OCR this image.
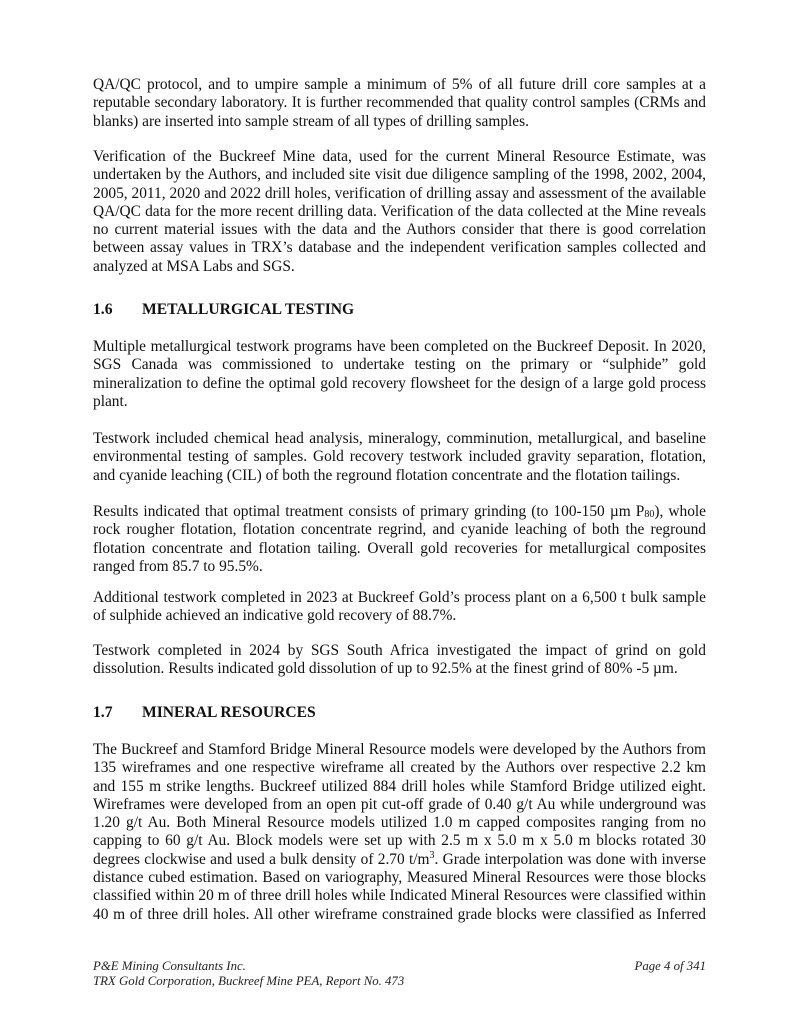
QA/QC protocol, and to umpire sample a minimum of 5% of all future drill core samples at a
reputable secondary laboratory. It is further recommended that quality control samples (CRMs and
blanks) are inserted into sample stream of all types of drilling samples.
Verification of the Buckreef Mine data, used for the current Mineral Resource Estimate, was
undertaken by the Authors, and included site visit due diligence sampling of the 1998, 2002, 2004,
2005, 2011, 2020 and 2022 drill holes, verification of drilling assay and assessment of the available
QA/QC data for the more recent drilling data. Verification of the data collected at the Mine reveals
no current material issues with the data and the Authors consider that there is good correlation
between assay values in TRX’s database and the independent verification samples collected and
analyzed at MSA Labs and SGS.
1.6 METALLURGICAL TESTING
Multiple metallurgical testwork programs have been completed on the Buckreef Deposit. In 2020,
SGS Canada was commissioned to undertake testing on the primary or “sulphide” gold
mineralization to define the optimal gold recovery flowsheet for the design of a large gold process
plant.
Testwork included chemical head analysis, mineralogy, comminution, metallurgical, and baseline
environmental testing of samples. Gold recovery testwork included gravity separation, flotation,
and cyanide leaching (CIL) of both the reground flotation concentrate and the flotation tailings.
Results indicated that optimal treatment consists of primary grinding (to 100-150 µm $P_{80}$), whole
rock rougher flotation, flotation concentrate regrind, and cyanide leaching of both the reground
flotation concentrate and flotation tailing. Overall gold recoveries for metallurgical composites
ranged from 85.7 to 95.5%.
Additional testwork completed in 2023 at Buckreef Gold’s process plant on a 6,500 t bulk sample
of sulphide achieved an indicative gold recovery of 88.7%.
Testwork completed in 2024 by SGS South Africa investigated the impact of grind on gold
dissolution. Results indicated gold dissolution of up to 92.5% at the finest grind of 80% -5 µm.
1.7 MINERAL RESOURCES
The Buckreef and Stamford Bridge Mineral Resource models were developed by the Authors from
135 wireframes and one respective wireframe all created by the Authors over respective 2.2 km
and 155 m strike lengths. Buckreef utilized 884 drill holes while Stamford Bridge utilized eight.
Wireframes were developed from an open pit cut-off grade of 0.40 g/t Au while underground was
1.20 g/t Au. Both Mineral Resource models utilized 1.0 m capped composites ranging from no
capping to 60 g/t Au. Block models were set up with 2.5 m x 5.0 m x 5.0 m blocks rotated 30
degrees clockwise and used a bulk density of 2.70 $t/m^3$. Grade interpolation was done with inverse
distance cubed estimation. Based on variography, Measured Mineral Resources were those blocks
classified within 20 m of three drill holes while Indicated Mineral Resources were classified within
40 m of three drill holes. All other wireframe constrained grade blocks were classified as Inferred
P&E Mining Consultants Inc.
TRX Gold Corporation, Buckreef Mine PEA, Report No. 473
Page 4 of 341
